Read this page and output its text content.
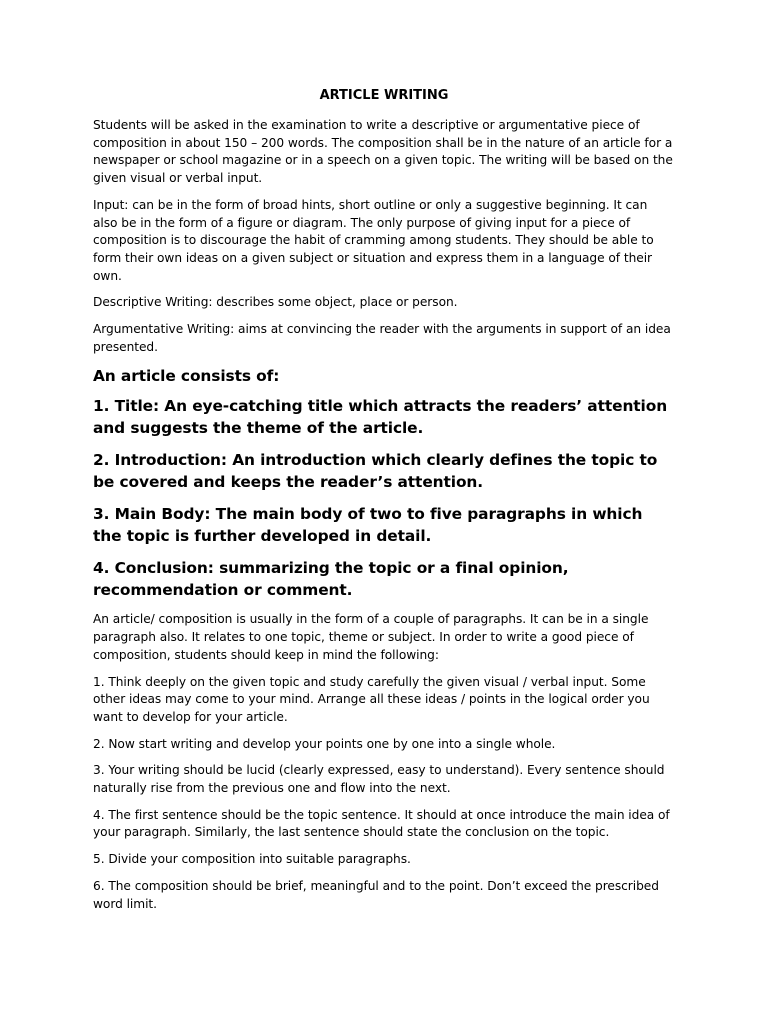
ARTICLE WRITING

Students will be asked in the examination to write a descriptive or argumentative piece of composition in about 150 – 200 words. The composition shall be in the nature of an article for a newspaper or school magazine or in a speech on a given topic. The writing will be based on the given visual or verbal input.

Input: can be in the form of broad hints, short outline or only a suggestive beginning. It can also be in the form of a figure or diagram. The only purpose of giving input for a piece of composition is to discourage the habit of cramming among students. They should be able to form their own ideas on a given subject or situation and express them in a language of their own.

Descriptive Writing: describes some object, place or person.

Argumentative Writing: aims at convincing the reader with the arguments in support of an idea presented.

An article consists of:
1. Title: An eye-catching title which attracts the readers’ attention and suggests the theme of the article.
2. Introduction: An introduction which clearly defines the topic to be covered and keeps the reader’s attention.
3. Main Body: The main body of two to five paragraphs in which the topic is further developed in detail.
4. Conclusion: summarizing the topic or a final opinion, recommendation or comment.

An article/ composition is usually in the form of a couple of paragraphs. It can be in a single paragraph also. It relates to one topic, theme or subject. In order to write a good piece of composition, students should keep in mind the following:

1. Think deeply on the given topic and study carefully the given visual / verbal input. Some other ideas may come to your mind. Arrange all these ideas / points in the logical order you want to develop for your article.

2. Now start writing and develop your points one by one into a single whole.

3. Your writing should be lucid (clearly expressed, easy to understand). Every sentence should naturally rise from the previous one and flow into the next.

4. The first sentence should be the topic sentence. It should at once introduce the main idea of your paragraph. Similarly, the last sentence should state the conclusion on the topic.

5. Divide your composition into suitable paragraphs.

6. The composition should be brief, meaningful and to the point. Don’t exceed the prescribed word limit.
